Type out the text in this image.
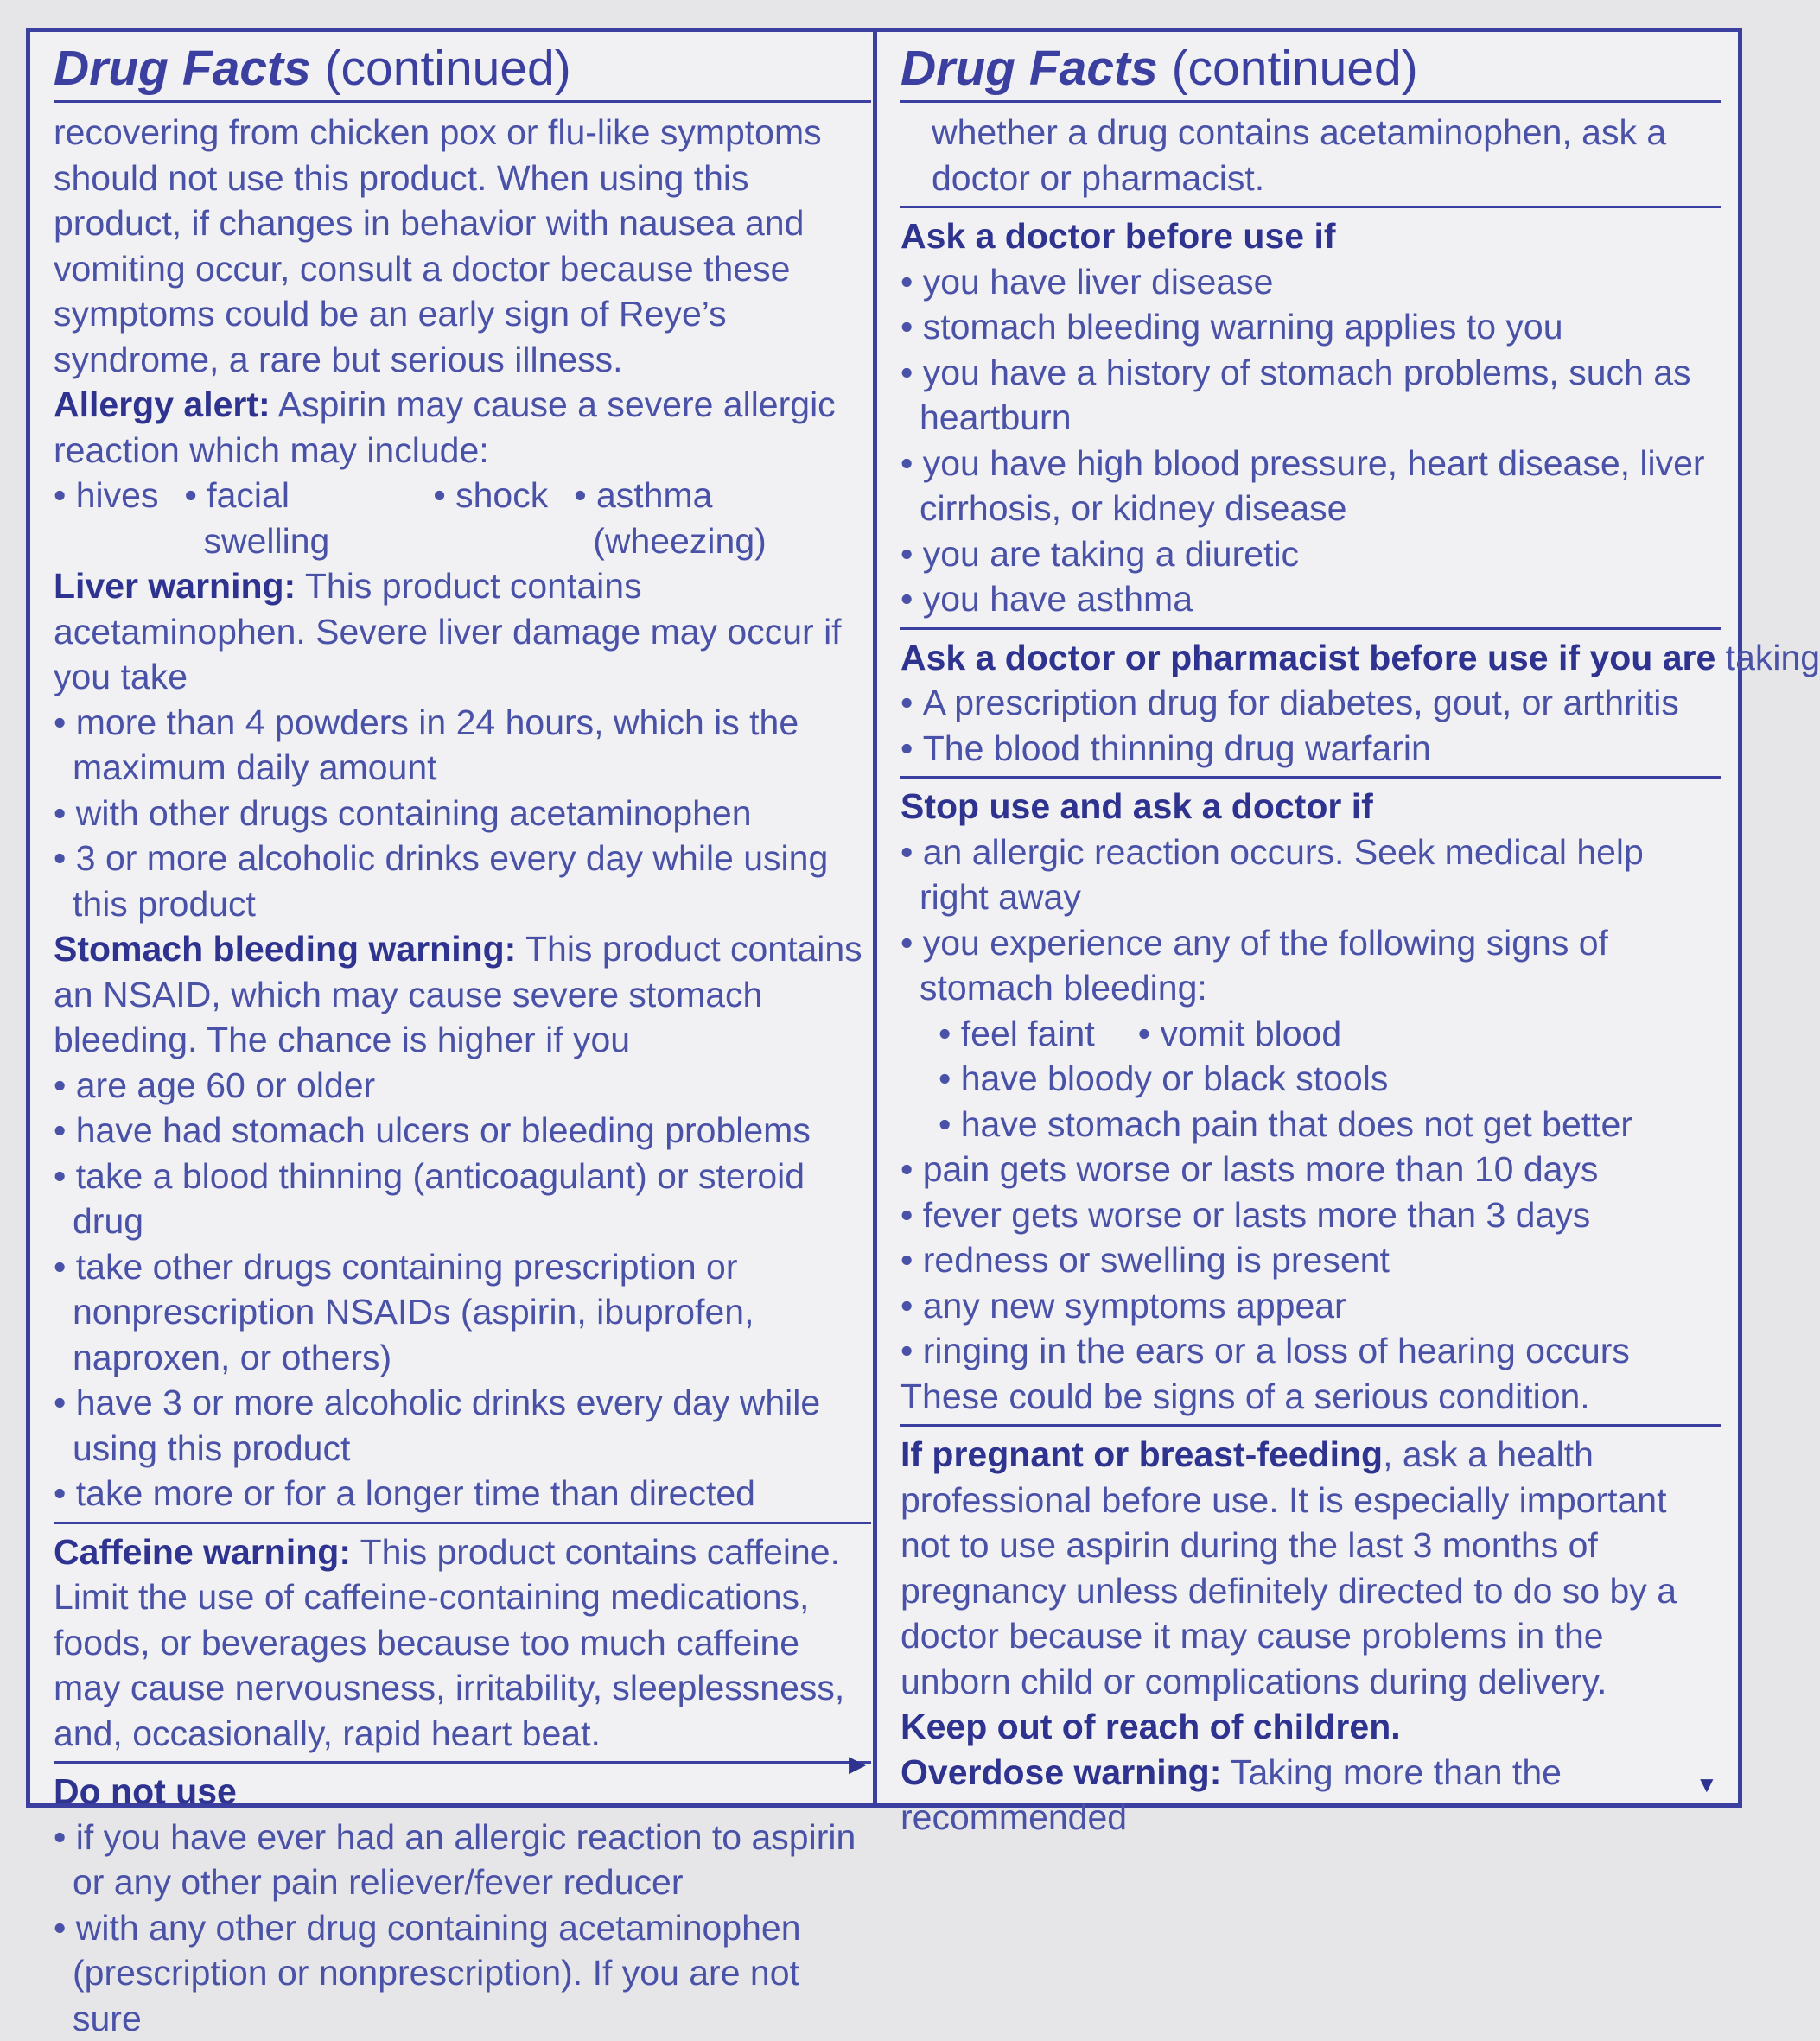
Drug Facts (continued)
recovering from chicken pox or flu-like symptoms should not use this product. When using this product, if changes in behavior with nausea and vomiting occur, consult a doctor because these symptoms could be an early sign of Reye’s syndrome, a rare but serious illness.
Allergy alert: Aspirin may cause a severe allergic reaction which may include:
• hives	• facial swelling
• shock	• asthma (wheezing)
Liver warning: This product contains acetaminophen. Severe liver damage may occur if you take
• more than 4 powders in 24 hours, which is the maximum daily amount
• with other drugs containing acetaminophen
• 3 or more alcoholic drinks every day while using this product
Stomach bleeding warning: This product contains an NSAID, which may cause severe stomach bleeding. The chance is higher if you
• are age 60 or older
• have had stomach ulcers or bleeding problems
• take a blood thinning (anticoagulant) or steroid drug
• take other drugs containing prescription or nonprescription NSAIDs (aspirin, ibuprofen, naproxen, or others)
• have 3 or more alcoholic drinks every day while using this product
• take more or for a longer time than directed
Caffeine warning: This product contains caffeine. Limit the use of caffeine-containing medications, foods, or beverages because too much caffeine may cause nervousness, irritability, sleeplessness, and, occasionally, rapid heart beat.
Do not use
• if you have ever had an allergic reaction to aspirin or any other pain reliever/fever reducer
• with any other drug containing acetaminophen (prescription or nonprescription). If you are not sure
▶
Drug Facts (continued)
whether a drug contains acetaminophen, ask a doctor or pharmacist.
Ask a doctor before use if
• you have liver disease
• stomach bleeding warning applies to you
• you have a history of stomach problems, such as heartburn
• you have high blood pressure, heart disease, liver cirrhosis, or kidney disease
• you are taking a diuretic
• you have asthma
Ask a doctor or pharmacist before use if you are taking
• A prescription drug for diabetes, gout, or arthritis
• The blood thinning drug warfarin
Stop use and ask a doctor if
• an allergic reaction occurs. Seek medical help right away
• you experience any of the following signs of stomach bleeding:
• feel faint	• vomit blood
• have bloody or black stools
• have stomach pain that does not get better
• pain gets worse or lasts more than 10 days
• fever gets worse or lasts more than 3 days
• redness or swelling is present
• any new symptoms appear
• ringing in the ears or a loss of hearing occurs
These could be signs of a serious condition.
If pregnant or breast-feeding, ask a health professional before use. It is especially important not to use aspirin during the last 3 months of pregnancy unless definitely directed to do so by a doctor because it may cause problems in the unborn child or complications during delivery.
Keep out of reach of children.
Overdose warning: Taking more than the recommended
▼
